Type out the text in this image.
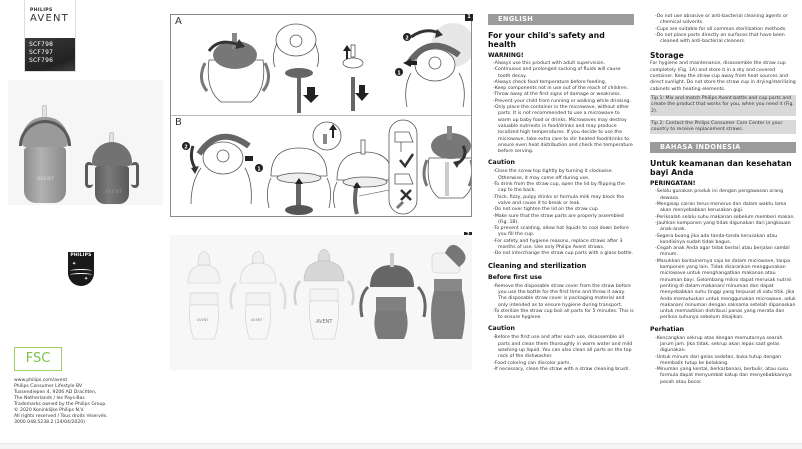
PHILIPS
AVENT
SCF798
SCF797
SCF796
AVENT
AVENT
PHILIPS
✦
✦
FSC
www.philips.com/avent
Philips Consumer Lifestyle BV
Tussendiepen 4, 9206 AD Drachten,
The Netherlands / les Pays-Bas
Trademarks owned by the Philips Group.
© 2020 Koninklijke Philips N.V.
All rights reserved / Tous droits réservés.
3000.048.5238.2 (24/04/2020)
1
A
2
1
B
2
1
AVENT	AVENT	AVENT
ENGLISH
For your child's safety and health
WARNING!
-Always use this product with adult supervision.
-Continuous and prolonged sucking of fluids will cause tooth decay.
-Always check food temperature before feeding.
-Keep components not in use out of the reach of children.
-Throw away at the first signs of damage or weakness.
-Prevent your child from running or walking while drinking.
-Only place the container in the microwave, without other parts. It is not recommended to use a microwave to warm up baby food or drinks. Microwaves may destroy valuable nutrients in food/drinks and may produce localized high temperatures. If you decide to use the microwave, take extra care to stir heated food/drinks to ensure even heat distribution and check the temperature before serving.
Caution
-Close the screw top tightly by turning it clockwise. Otherwise, it may come off during use.
-To drink from the straw cup, open the lid by flipping the cap to the back.
-Thick, fizzy, pulpy drinks or formula milk may block the valve and cause it to break or leak.
-Do not over tighten the lid on the straw cup.
-Make sure that the straw parts are properly assembled (Fig. 1B).
-To prevent scalding, allow hot liquids to cool down before you fill the cup.
-For safety and hygiene reasons, replace straws after 3 months of use. Use only Philips Avent straws.
-Do not interchange the straw cup parts with a glass bottle.
Cleaning and sterilization
Before first use
-Remove the disposable straw cover from the straw before you use the bottle for the first time and throw it away. The disposable straw cover is packaging material and only intended as to ensure hygiene during transport.
-To sterilize the straw cup boil all parts for 5 minutes. This is to ensure hygiene.
Caution
-Before the first use and after each use, disassemble all parts and clean them thoroughly in warm water and mild washing-up liquid. You can also clean all parts on the top rack of the dishwasher.
-Food coloring can discolor parts.
-If necessary, clean the straw with a straw cleaning brush.
-Do not use abrasive or anti-bacterial cleaning agents or chemical solvents.
-Cups are suitable for all common sterilization methods.
-Do not place parts directly on surfaces that have been cleaned with anti-bacterial cleaners.
Storage

For hygiene and maintenance, disassemble the straw cup completely (Fig. 1A) and store it in a dry and covered container. Keep the straw cup away from heat sources and direct sunlight. Do not store the straw cup in drying/sterilizing cabinets with heating elements.

Tip 1: Mix and match Philips Avent bottle and cup parts and create the product that works for you, when you need it (Fig. 2).
Tip 2: Contact the Philips Consumer Care Center in your country to receive replacement straws.
BAHASA INDONESIA
Untuk keamanan dan kesehatan bayi Anda
PERINGATAN!
-Selalu gunakan produk ini dengan pengawasan orang dewasa.
-Mengisap cairan terus-menerus dan dalam waktu lama akan menyebabkan kerusakan gigi.
-Periksalah selalu suhu makanan sebelum memberi makan.
-Jauhkan komponen yang tidak digunakan dari jangkauan anak-anak.
-Segera buang jika ada tanda-tanda kerusakan atau kondisinya sudah tidak bagus.
-Cegah anak Anda agar tidak berlari atau berjalan sambil minum.
-Masukkan kontainernya saja ke dalam microwave, tanpa komponen yang lain. Tidak disarankan menggunakan microwave untuk menghangatkan makanan atau minuman bayi. Gelombang mikro dapat merusak nutrisi penting di dalam makanan/ minuman dan dapat menyebabkan suhu tinggi yang terpusat di satu titik. Jika Anda memutuskan untuk menggunakan microwave, aduk makanan/ minuman dengan saksama setelah dipanaskan untuk memastikan distribusi panas yang merata dan periksa suhunya sebelum disajikan.
Perhatian
-Kencangkan sekrup atas dengan memutarnya searah jarum jam. Jika tidak, sekrup akan lepas saat gelas digunakan.
-Untuk minum dari gelas sedotan, buka tutup dengan membalik tutup ke belakang.
-Minuman yang kental, berkarbonasi, berbulir, atau susu formula dapat menyumbat katup dan menyebabkannya pecah atau bocor.
